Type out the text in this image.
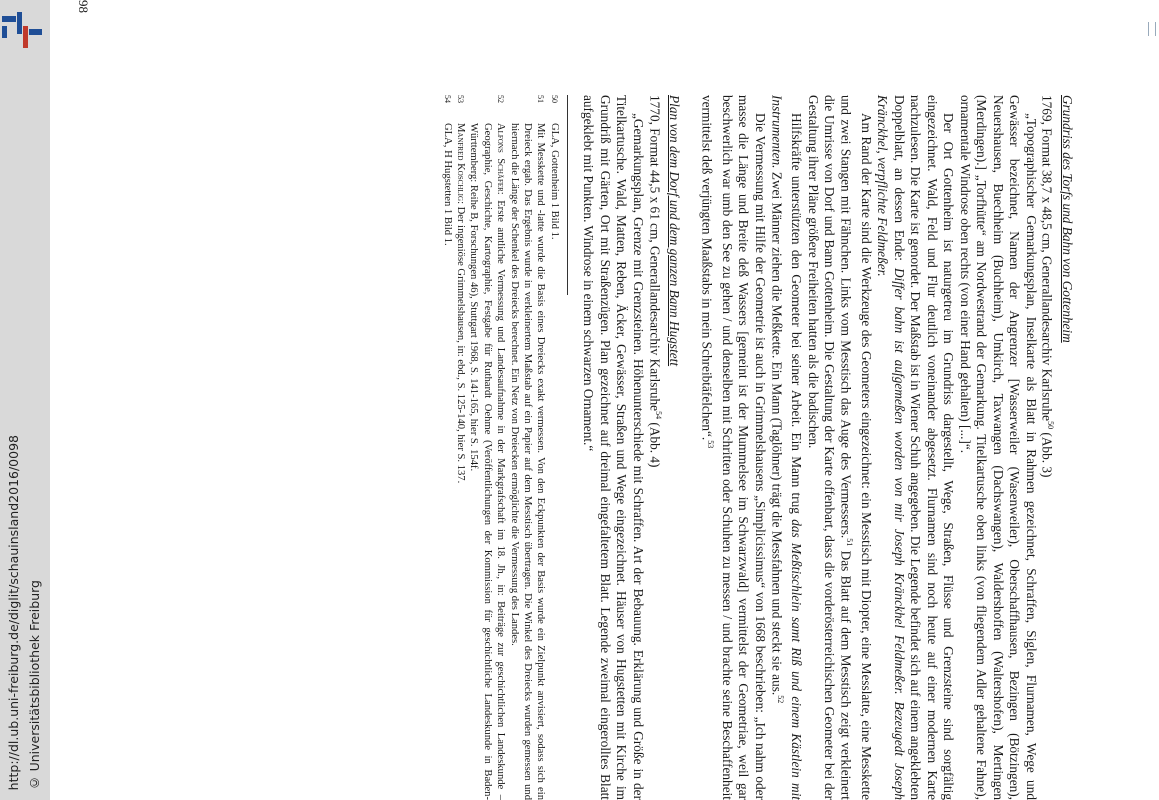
http://dl.ub.uni-freiburg.de/diglit/schauinsland2016/0098 © Universitätsbibliothek Freiburg

Grundriss des Torfs und Bahn von Gottenheim

1769, Format 38,7 x 48,5 cm, Generallandesarchiv Karlsruhe$^{50}$ (Abb. 3)

„Topographischer Gemarkungsplan, Inselkarte als Blatt in Rahmen gezeichnet, Schraffen, Siglen, Flurnamen, Wege und Gewässer bezeichnet, Namen der Angrenzer [Wasserweiler (Wasenweiler), Oberschaffhausen, Bezingen (Bötzingen), Neuershausen, Buechheim (Buchheim), Umkirch, Taxwangen (Dachswangen), Waldershoffen (Waltershofen), Mertingen (Merdingen).] „Torfhütte“ am Nordwestrand der Gemarkung. Titelkartusche oben links (von fliegendem Adler gehaltene Fahne), ornamentale Windrose oben rechts (von einer Hand gehalten) [...]“.

Der Ort Gottenheim ist naturgetreu im Grundriss dargestellt, Wege, Straßen, Flüsse und Grenzsteine sind sorgfältig eingezeichnet. Wald, Feld und Flur deutlich voneinander abgesetzt. Flurnamen sind noch heute auf einer modernen Karte nachzulesen. Die Karte ist genordet. Der Maßstab ist in Wiener Schuh angegeben. Die Legende befindet sich auf einem angeklebten Doppelblatt, an dessen Ende: Differ bahn ist aufgemeßen worden von mir Joseph Kränckhel Feldmeßer. Bezeugedt Joseph Kränckhel, verpflichte Feldmeßer.

Am Rand der Karte sind die Werkzeuge des Geometers eingezeichnet: ein Messtisch mit Diopter, eine Messlatte, eine Messkette und zwei Stangen mit Fähnchen. Links vom Messtisch das Auge des Vermessers.$^{51}$ Das Blatt auf dem Messtisch zeigt verkleinert die Umrisse von Dorf und Bann Gottenheim. Die Gestaltung der Karte offenbart, dass die vorderösterreichischen Geometer bei der Gestaltung ihrer Pläne größere Freiheiten hatten als die badischen.

Hilfskräfte unterstützten den Geometer bei seiner Arbeit. Ein Mann trug das Meßtischlein samt Riß und einem Kästlein mit Instrumenten. Zwei Männer ziehen die Meßkette. Ein Mann (Taglöhner) trägt die Messfahnen und steckt sie aus.$^{52}$

Die Vermessung mit Hilfe der Geometrie ist auch in Grimmelshausens „Simplicissimus“ von 1668 beschrieben: „Ich nahm oder masse die Länge und Breite deß Wassers [gemeint ist der Mummelsee im Schwarzwald] vermittelst der Geometriae, weil gar beschwerlich war umb den See zu gehen / und denselben mit Schritten oder Schuhen zu messen / und brachte seine Beschaffenheit vermittelst deß verjüngten Maaßstabs in mein Schreibtäfelchen“.$^{53}$

Plan von dem Dorf und dem ganzen Bann Hugstett

1770, Format 44,5 x 61 cm, Generallandesarchiv Karlsruhe$^{54}$ (Abb. 4)

„Gemarkungsplan, Grenze mit Grenzsteinen. Höhenunterschiede mit Schraffen. Art der Bebauung. Erklärung und Größe in der Titelkartusche. Wald, Matten, Reben, Äcker, Gewässer, Straßen und Wege eingezeichnet. Häuser von Hugstetten mit Kirche im Grundriß mit Gärten, Ort mit Straßenzügen. Plan gezeichnet auf dreimal eingefaltetem Blatt. Legende zweimal eingerolltes Blatt aufgeklebt mit Punkten. Windrose in einem schwarzen Ornament.“

50
GLA, Gottenheim 1 Bild 1.
51
Mit Messkette und -latte wurde die Basis eines Dreiecks exakt vermessen. Von den Eckpunkten der Basis wurde ein Zielpunkt anvisiert, sodass sich ein Dreieck ergab. Das Ergebnis wurde in verkleinertem Maßstab auf ein Papier auf dem Messtisch übertragen. Die Winkel des Dreiecks wurden gemessen und hiernach die Länge der Schenkel des Dreiecks berechnet. Ein Netz von Dreiecken ermöglichte die Vermessung des Landes.
52
Alfons Schäfer: Erste amtliche Vermessung und Landesaufnahme in der Markgrafschaft im 18. Jh., in: Beiträge zur geschichtlichen Landeskunde – Geographie, Geschichte, Kartographie, Festgabe für Ruthardt Oehme (Veröffentlichungen der Kommission für geschichtliche Landeskunde in Baden-Württemberg: Reihe B, Forschungen 46), Stuttgart 1968, S. 141-165, hier S. 154f.
53
Manfred Koschlig: Der ingeniöse Grimmelshausen, in: ebd., S. 125-140, hier S. 137.
54
GLA, H Hugstetten 1 Bild 1.
98
